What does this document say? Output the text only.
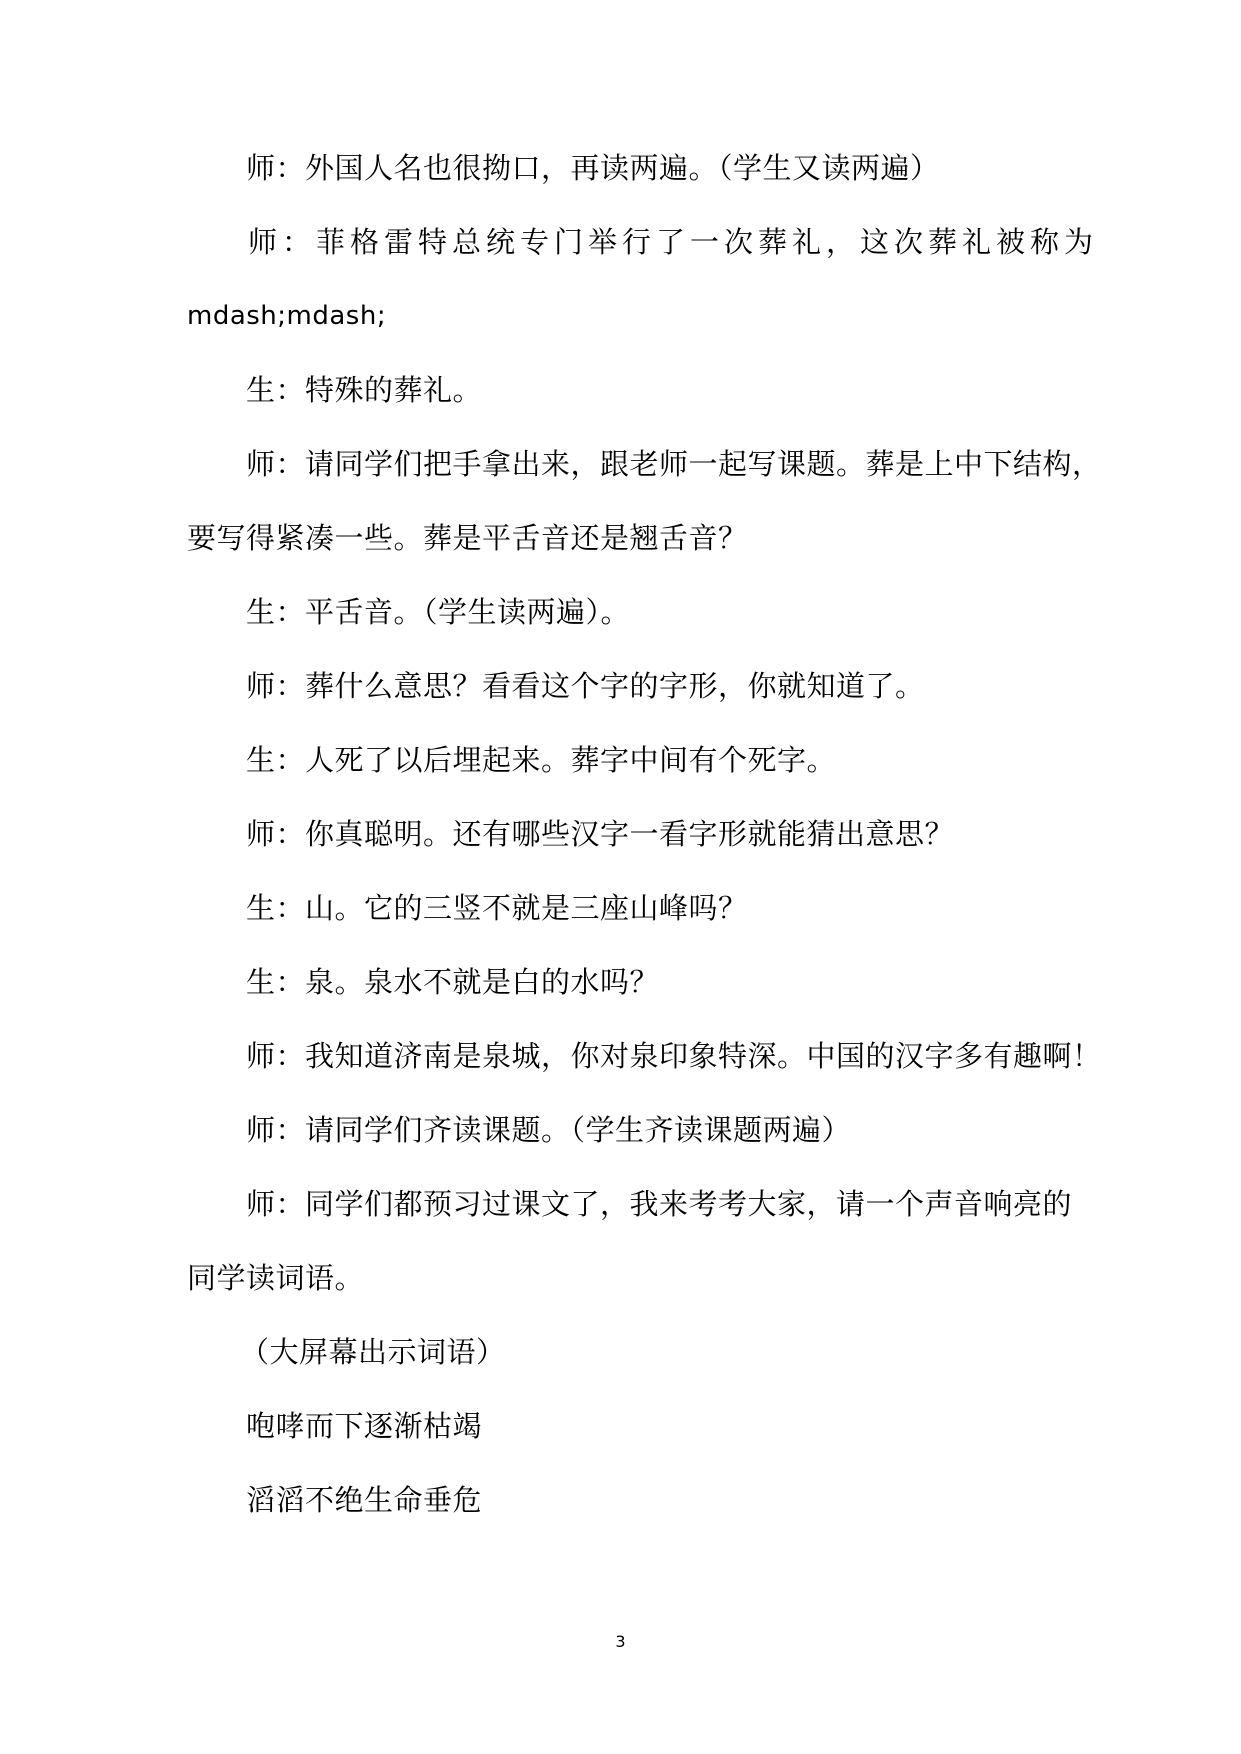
师：外国人名也很拗口，再读两遍。（学生又读两遍）
师：菲格雷特总统专门举行了一次葬礼，这次葬礼被称为
mdash;mdash;
生：特殊的葬礼。
师：请同学们把手拿出来，跟老师一起写课题。葬是上中下结构，
要写得紧凑一些。葬是平舌音还是翘舌音？
生：平舌音。（学生读两遍）。
师：葬什么意思？看看这个字的字形，你就知道了。
生：人死了以后埋起来。葬字中间有个死字。
师：你真聪明。还有哪些汉字一看字形就能猜出意思？
生：山。它的三竖不就是三座山峰吗？
生：泉。泉水不就是白的水吗？
师：我知道济南是泉城，你对泉印象特深。中国的汉字多有趣啊！
师：请同学们齐读课题。（学生齐读课题两遍）
师：同学们都预习过课文了，我来考考大家，请一个声音响亮的
同学读词语。
（大屏幕出示词语）
咆哮而下逐渐枯竭
滔滔不绝生命垂危
3
